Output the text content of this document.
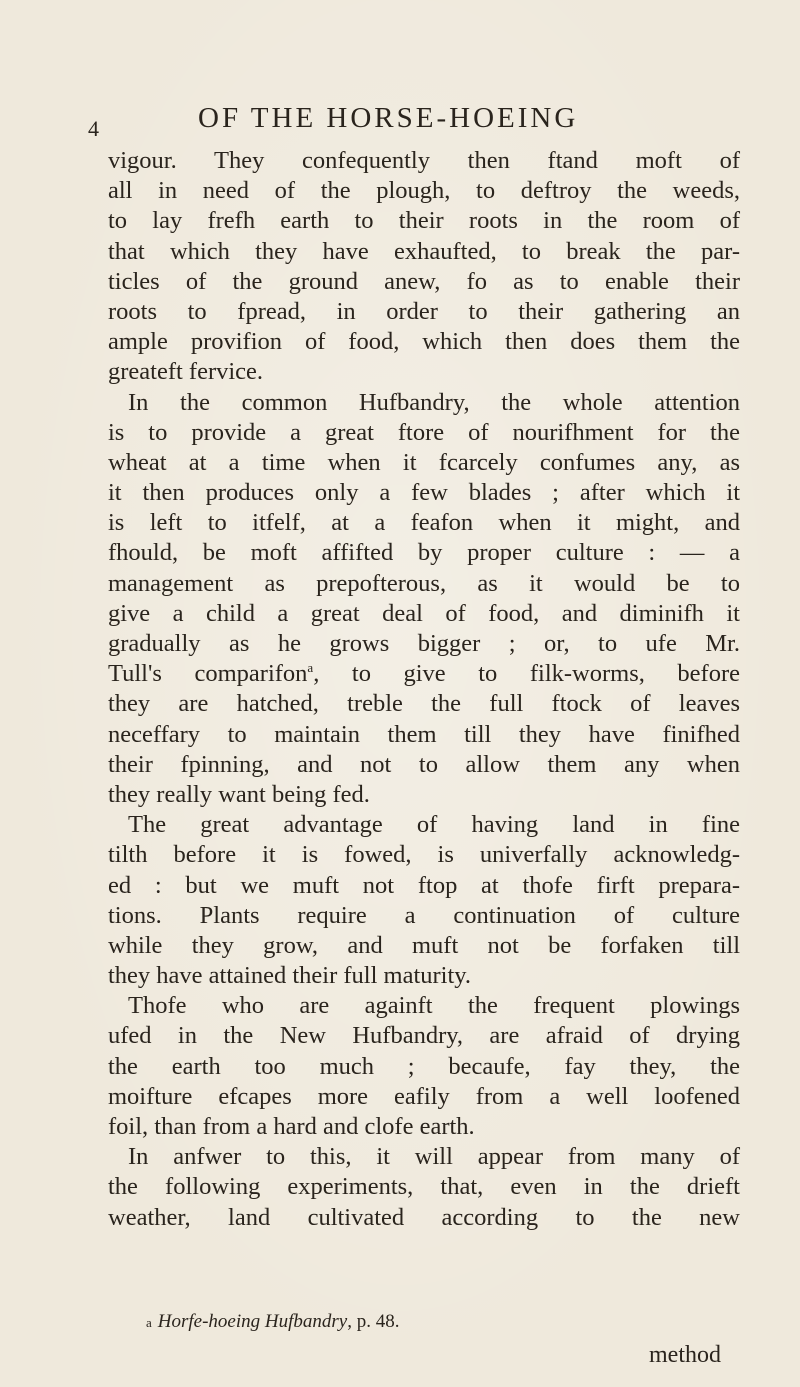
4	OF THE HORSE-HOEING
vigour. They confequently then ftand moft of
all in need of the plough, to deftroy the weeds,
to lay frefh earth to their roots in the room of
that which they have exhaufted, to break the par-
ticles of the ground anew, fo as to enable their
roots to fpread, in order to their gathering an
ample provifion of food, which then does them the
greateft fervice.
In the common Hufbandry, the whole attention
is to provide a great ftore of nourifhment for the
wheat at a time when it fcarcely confumes any, as
it then produces only a few blades ; after which it
is left to itfelf, at a feafon when it might, and
fhould, be moft affifted by proper culture : — a
management as prepofterous, as it would be to
give a child a great deal of food, and diminifh it
gradually as he grows bigger ; or, to ufe Mr.
Tull's comparifon$^a$, to give to filk-worms, before
they are hatched, treble the full ftock of leaves
neceffary to maintain them till they have finifhed
their fpinning, and not to allow them any when
they really want being fed.
The great advantage of having land in fine
tilth before it is fowed, is univerfally acknowledg-
ed : but we muft not ftop at thofe firft prepara-
tions. Plants require a continuation of culture
while they grow, and muft not be forfaken till
they have attained their full maturity.
Thofe who are againft the frequent plowings
ufed in the New Hufbandry, are afraid of drying
the earth too much ; becaufe, fay they, the
moifture efcapes more eafily from a well loofened
foil, than from a hard and clofe earth.
In anfwer to this, it will appear from many of
the following experiments, that, even in the drieft
weather, land cultivated according to the new
a Horfe-hoeing Hufbandry, p. 48.
method
